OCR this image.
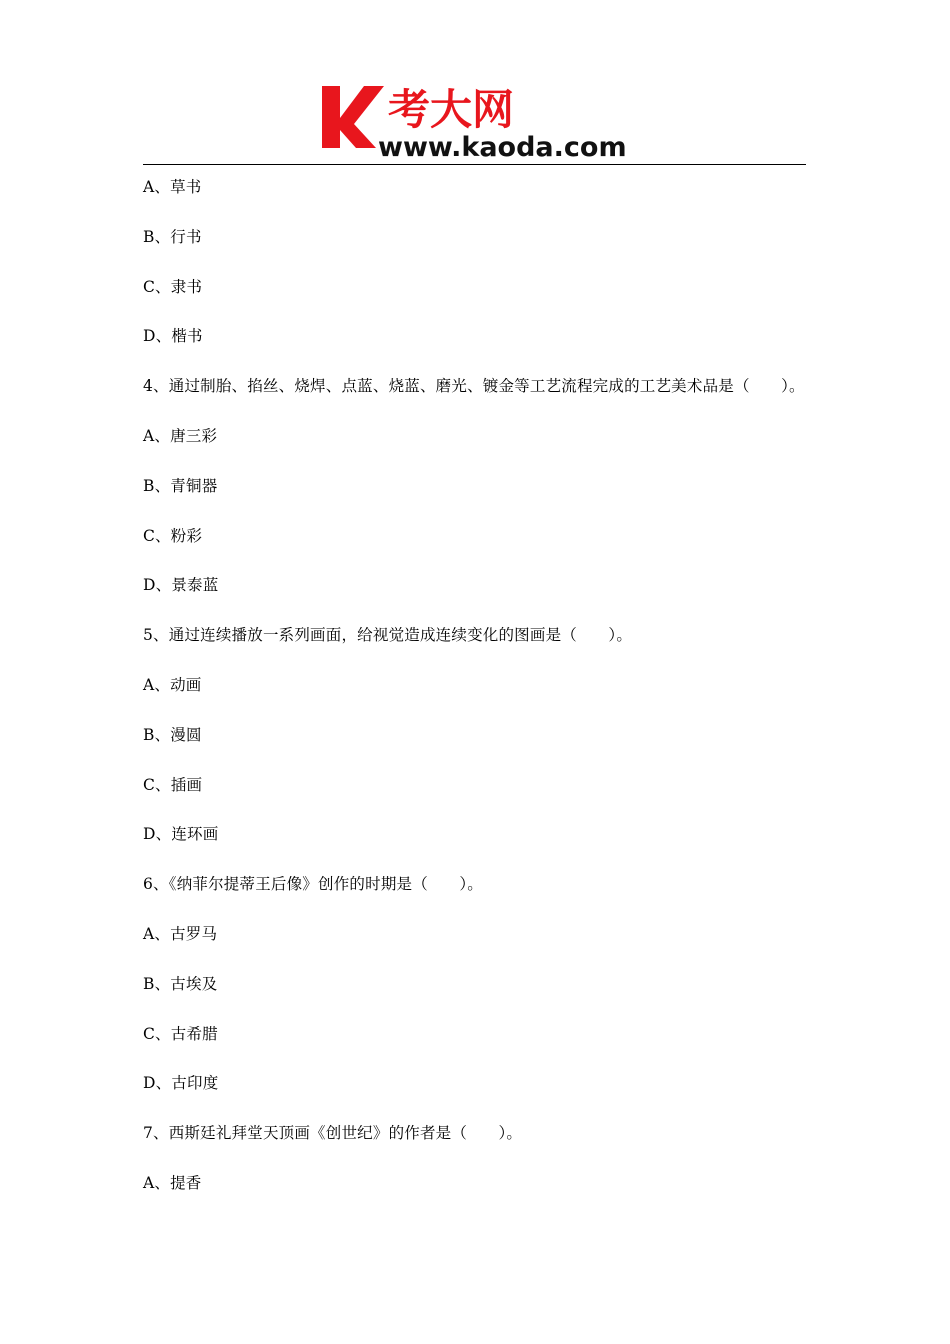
考大网
www.kaoda.com
A、草书
B、行书
C、隶书
D、楷书
4、通过制胎、掐丝、烧焊、点蓝、烧蓝、磨光、镀金等工艺流程完成的工艺美术品是（　　）。
A、唐三彩
B、青铜器
C、粉彩
D、景泰蓝
5、通过连续播放一系列画面，给视觉造成连续变化的图画是（　　）。
A、动画
B、漫圆
C、插画
D、连环画
6、《纳菲尔提蒂王后像》创作的时期是（　　）。
A、古罗马
B、古埃及
C、古希腊
D、古印度
7、西斯廷礼拜堂天顶画《创世纪》的作者是（　　）。
A、提香
